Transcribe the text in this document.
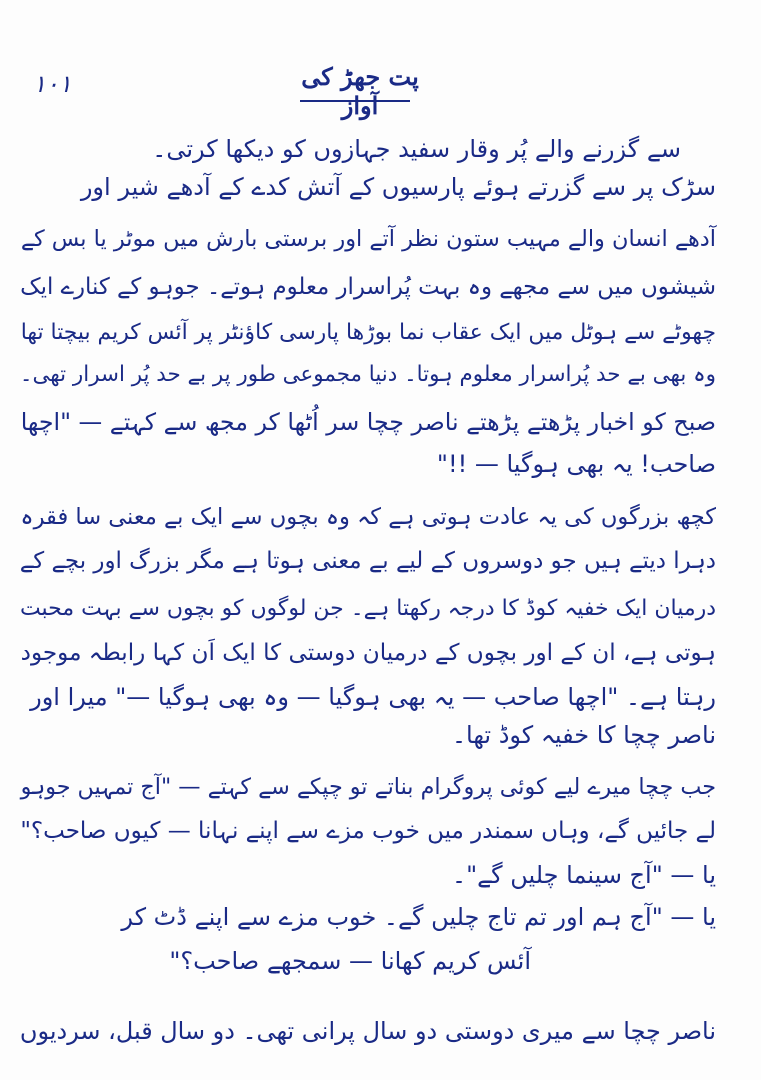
۱۰۱	پت جھڑ کی آواز
سے گزرنے والے پُر وقار سفید جہازوں کو دیکھا کرتی۔
سڑک پر سے گزرتے ہوئے پارسیوں کے آتش کدے کے آدھے شیر اور
آدھے انسان والے مہیب ستون نظر آتے اور برستی بارش میں موٹر یا بس کے
شیشوں میں سے مجھے وہ بہت پُراسرار معلوم ہوتے۔ جوہو کے کنارے ایک
چھوٹے سے ہوٹل میں ایک عقاب نما بوڑھا پارسی کاؤنٹر پر آئس کریم بیچتا تھا
وہ بھی بے حد پُراسرار معلوم ہوتا۔ دنیا مجموعی طور پر بے حد پُر اسرار تھی۔
صبح کو اخبار پڑھتے پڑھتے ناصر چچا سر اُٹھا کر مجھ سے کہتے — "اچھا
صاحب! یہ بھی ہوگیا — !!"
کچھ بزرگوں کی یہ عادت ہوتی ہے کہ وہ بچوں سے ایک بے معنی سا فقرہ
دہرا دیتے ہیں جو دوسروں کے لیے بے معنی ہوتا ہے مگر بزرگ اور بچے کے
درمیان ایک خفیہ کوڈ کا درجہ رکھتا ہے۔ جن لوگوں کو بچوں سے بہت محبت
ہوتی ہے، ان کے اور بچوں کے درمیان دوستی کا ایک اَن کہا رابطہ موجود
رہتا ہے۔ "اچھا صاحب — یہ بھی ہوگیا — وہ بھی ہوگیا —" میرا اور
ناصر چچا کا خفیہ کوڈ تھا۔
جب چچا میرے لیے کوئی پروگرام بناتے تو چپکے سے کہتے — "آج تمہیں جوہو
لے جائیں گے، وہاں سمندر میں خوب مزے سے اپنے نہانا — کیوں صاحب؟"
یا — "آج سینما چلیں گے"۔
یا — "آج ہم اور تم تاج چلیں گے۔ خوب مزے سے اپنے ڈٹ کر
آئس کریم کھانا — سمجھے صاحب؟"
ناصر چچا سے میری دوستی دو سال پرانی تھی۔ دو سال قبل، سردیوں
